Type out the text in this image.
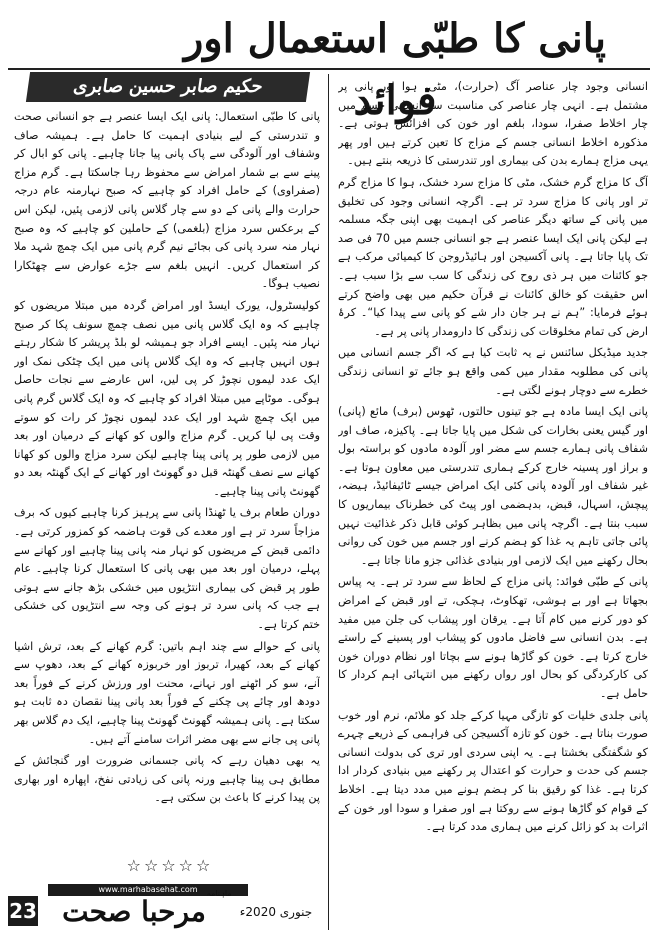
پانی کا طبّی استعمال اور فوائد
حکیم صابر حسین صابری	انسانی وجود چار عناصر آگ (حرارت)، مٹی، ہوا اور پانی پر مشتمل ہے۔ انہی چار عناصر کی مناسبت سے انسانی جسم میں چار اخلاط صفرا، سودا، بلغم اور خون کی افزائش ہوتی ہے۔ مذکورہ اخلاط انسانی جسم کے مزاج کا تعین کرتے ہیں اور پھر یہی مزاج ہمارے بدن کی بیماری اور تندرستی کا ذریعہ بنتے ہیں۔

آگ کا مزاج گرم خشک، مٹی کا مزاج سرد خشک، ہوا کا مزاج گرم تر اور پانی کا مزاج سرد تر ہے۔ اگرچہ انسانی وجود کی تخلیق میں پانی کے ساتھ دیگر عناصر کی اہمیت بھی اپنی جگہ مسلمہ ہے لیکن پانی ایک ایسا عنصر ہے جو انسانی جسم میں 70 فی صد تک پایا جاتا ہے۔ پانی آکسیجن اور ہائیڈروجن کا کیمیائی مرکب ہے جو کائنات میں ہر ذی روح کی زندگی کا سب سے بڑا سبب ہے۔ اس حقیقت کو خالق کائنات نے قرآن حکیم میں بھی واضح کرتے ہوئے فرمایا: ”ہم نے ہر جان دار شے کو پانی سے پیدا کیا“۔ کرۂ ارض کی تمام مخلوقات کی زندگی کا دارومدار پانی پر ہے۔

جدید میڈیکل سائنس نے یہ ثابت کیا ہے کہ اگر جسم انسانی میں پانی کی مطلوبہ مقدار میں کمی واقع ہو جائے تو انسانی زندگی خطرے سے دوچار ہونے لگتی ہے۔

پانی ایک ایسا مادہ ہے جو تینوں حالتوں، ٹھوس (برف) مائع (پانی) اور گیس یعنی بخارات کی شکل میں پایا جاتا ہے۔ پاکیزہ، صاف اور شفاف پانی ہمارے جسم سے مضر اور آلودہ مادوں کو براستہ بول و براز اور پسینہ خارج کرکے ہماری تندرستی میں معاون ہوتا ہے۔ غیر شفاف اور آلودہ پانی کئی ایک امراض جیسے ٹائیفائیڈ، ہیضہ، پیچش، اسہال، قبض، بدہضمی اور پیٹ کی خطرناک بیماریوں کا سبب بنتا ہے۔ اگرچہ پانی میں بظاہر کوئی قابل ذکر غذائیت نہیں پائی جاتی تاہم یہ غذا کو ہضم کرنے اور جسم میں خون کی روانی بحال رکھنے میں ایک لازمی اور بنیادی غذائی جزو مانا جاتا ہے۔

پانی کے طبّی فوائد: پانی مزاج کے لحاظ سے سرد تر ہے۔ یہ پیاس بجھاتا ہے اور بے ہوشی، تھکاوٹ، ہچکی، تے اور قبض کے امراض کو دور کرنے میں کام آتا ہے۔ یرقان اور پیشاب کی جلن میں مفید ہے۔ بدن انسانی سے فاضل مادوں کو پیشاب اور پسینے کے راستے خارج کرتا ہے۔ خون کو گاڑھا ہونے سے بچاتا اور نظام دوران خون کی کارکردگی کو بحال اور رواں رکھنے میں انتہائی اہم کردار کا حامل ہے۔

پانی جلدی خلیات کو تازگی مہیا کرکے جلد کو ملائم، نرم اور خوب صورت بناتا ہے۔ خون کو تازہ آکسیجن کی فراہمی کے ذریعے چہرے کو شگفتگی بخشتا ہے۔ یہ اپنی سردی اور تری کی بدولت انسانی جسم کی حدت و حرارت کو اعتدال پر رکھنے میں بنیادی کردار ادا کرتا ہے۔ غذا کو رقیق بنا کر ہضم ہونے میں مدد دیتا ہے۔ اخلاط کے قوام کو گاڑھا ہونے سے روکتا ہے اور صفرا و سودا اور خون کے اثرات بد کو زائل کرنے میں ہماری مدد کرتا ہے۔

پانی کا طبّی استعمال: پانی ایک ایسا عنصر ہے جو انسانی صحت و تندرستی کے لیے بنیادی اہمیت کا حامل ہے۔ ہمیشہ صاف وشفاف اور آلودگی سے پاک پانی پیا جانا چاہیے۔ پانی کو ابال کر پینے سے بے شمار امراض سے محفوظ رہا جاسکتا ہے۔ گرم مزاج (صفراوی) کے حامل افراد کو چاہیے کہ صبح نہارمنہ عام درجہ حرارت والے پانی کے دو سے چار گلاس پانی لازمی پئیں، لیکن اس کے برعکس سرد مزاج (بلغمی) کے حاملین کو چاہیے کہ وہ صبح نہار منہ سرد پانی کی بجائے نیم گرم پانی میں ایک چمچ شہد ملا کر استعمال کریں۔ انہیں بلغم سے جڑے عوارض سے چھٹکارا نصیب ہوگا۔

کولیسٹرول، یورک ایسڈ اور امراض گردہ میں مبتلا مریضوں کو چاہیے کہ وہ ایک گلاس پانی میں نصف چمچ سونف پکا کر صبح نہار منہ پئیں۔ ایسے افراد جو ہمیشہ لو بلڈ پریشر کا شکار رہتے ہوں انہیں چاہیے کہ وہ ایک گلاس پانی میں ایک چٹکی نمک اور ایک عدد لیموں نچوڑ کر پی لیں، اس عارضے سے نجات حاصل ہوگی۔ موٹاپے میں مبتلا افراد کو چاہیے کہ وہ ایک گلاس گرم پانی میں ایک چمچ شہد اور ایک عدد لیموں نچوڑ کر رات کو سوتے وقت پی لیا کریں۔ گرم مزاج والوں کو کھانے کے درمیان اور بعد میں لازمی طور پر پانی پینا چاہیے لیکن سرد مزاج والوں کو کھانا کھانے سے نصف گھنٹہ قبل دو گھونٹ اور کھانے کے ایک گھنٹہ بعد دو گھونٹ پانی پینا چاہیے۔

دوران طعام برف یا ٹھنڈا پانی سے پرہیز کرنا چاہیے کیوں کہ برف مزاجاً سرد تر ہے اور معدے کی قوت ہاضمہ کو کمزور کرتی ہے۔ دائمی قبض کے مریضوں کو نہار منہ پانی پینا چاہیے اور کھانے سے پہلے، درمیان اور بعد میں بھی پانی کا استعمال کرنا چاہیے۔ عام طور پر قبض کی بیماری انتڑیوں میں خشکی بڑھ جانے سے ہوتی ہے جب کہ پانی سرد تر ہونے کی وجہ سے انتڑیوں کی خشکی ختم کرتا ہے۔

پانی کے حوالے سے چند اہم باتیں: گرم کھانے کے بعد، ترش اشیا کھانے کے بعد، کھیرا، تربوز اور خربوزہ کھانے کے بعد، دھوپ سے آنے، سو کر اٹھنے اور نہانے، محنت اور ورزش کرنے کے فوراً بعد دودھ اور چائے پی چکنے کے فوراً بعد پانی پینا نقصان دہ ثابت ہو سکتا ہے۔ پانی ہمیشہ گھونٹ گھونٹ پینا چاہیے، ایک دم گلاس بھر پانی پی جانے سے بھی مضر اثرات سامنے آتے ہیں۔

یہ بھی دھیان رہے کہ پانی جسمانی ضرورت اور گنجائش کے مطابق ہی پینا چاہیے ورنہ پانی کی زیادتی نفخ، اپھارہ اور بھاری پن پیدا کرنے کا باعث بن سکتی ہے۔

☆☆☆☆☆
www.marhabasehat.com
23 مرحبا صحت
ماہنامہ
جنوری 2020ء
